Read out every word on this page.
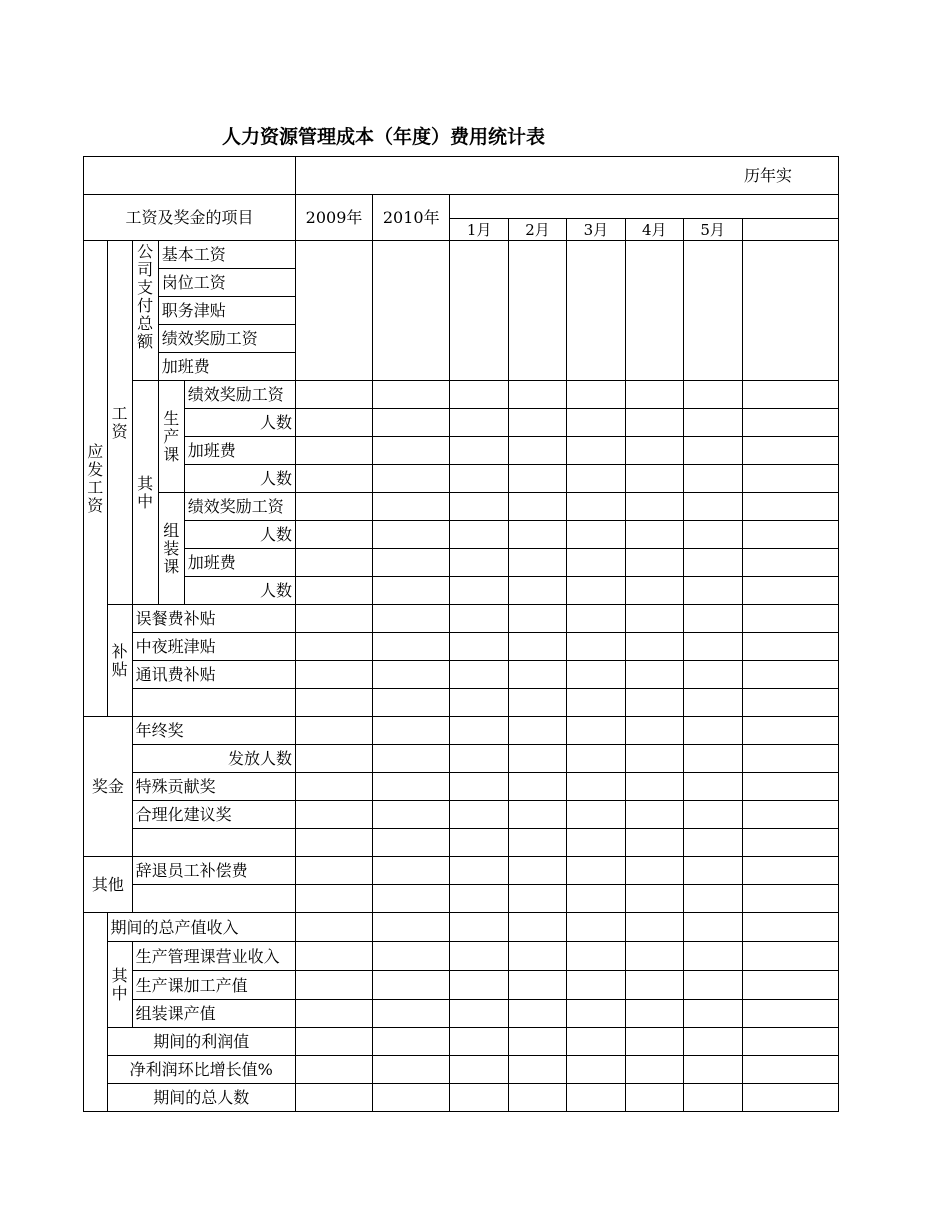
人力资源管理成本（年度）费用统计表
					历年实							
工资及奖金的项目					2009年	2010年						
							1月	2月	3月	4月	5月	

应发工资	工资	公司支付总额	基本工资									
			岗位工资									
			职务津贴									
			绩效奖励工资									
			加班费									

		其中	生产课	绩效奖励工资								
				人数								
				加班费								
				人数								

			组装课	绩效奖励工资								
				人数								
				加班费								
				人数								

	补贴	误餐费补贴										
		中夜班津贴										
		通讯费补贴										

奖金		年终奖										
		发放人数										
		特殊贡献奖										
		合理化建议奖										

其他		辞退员工补偿费										

	期间的总产值收入											

	其中	生产管理课营业收入										
		生产课加工产值										
		组装课产值										
	期间的利润值											
	净利润环比增长值%											
	期间的总人数											
